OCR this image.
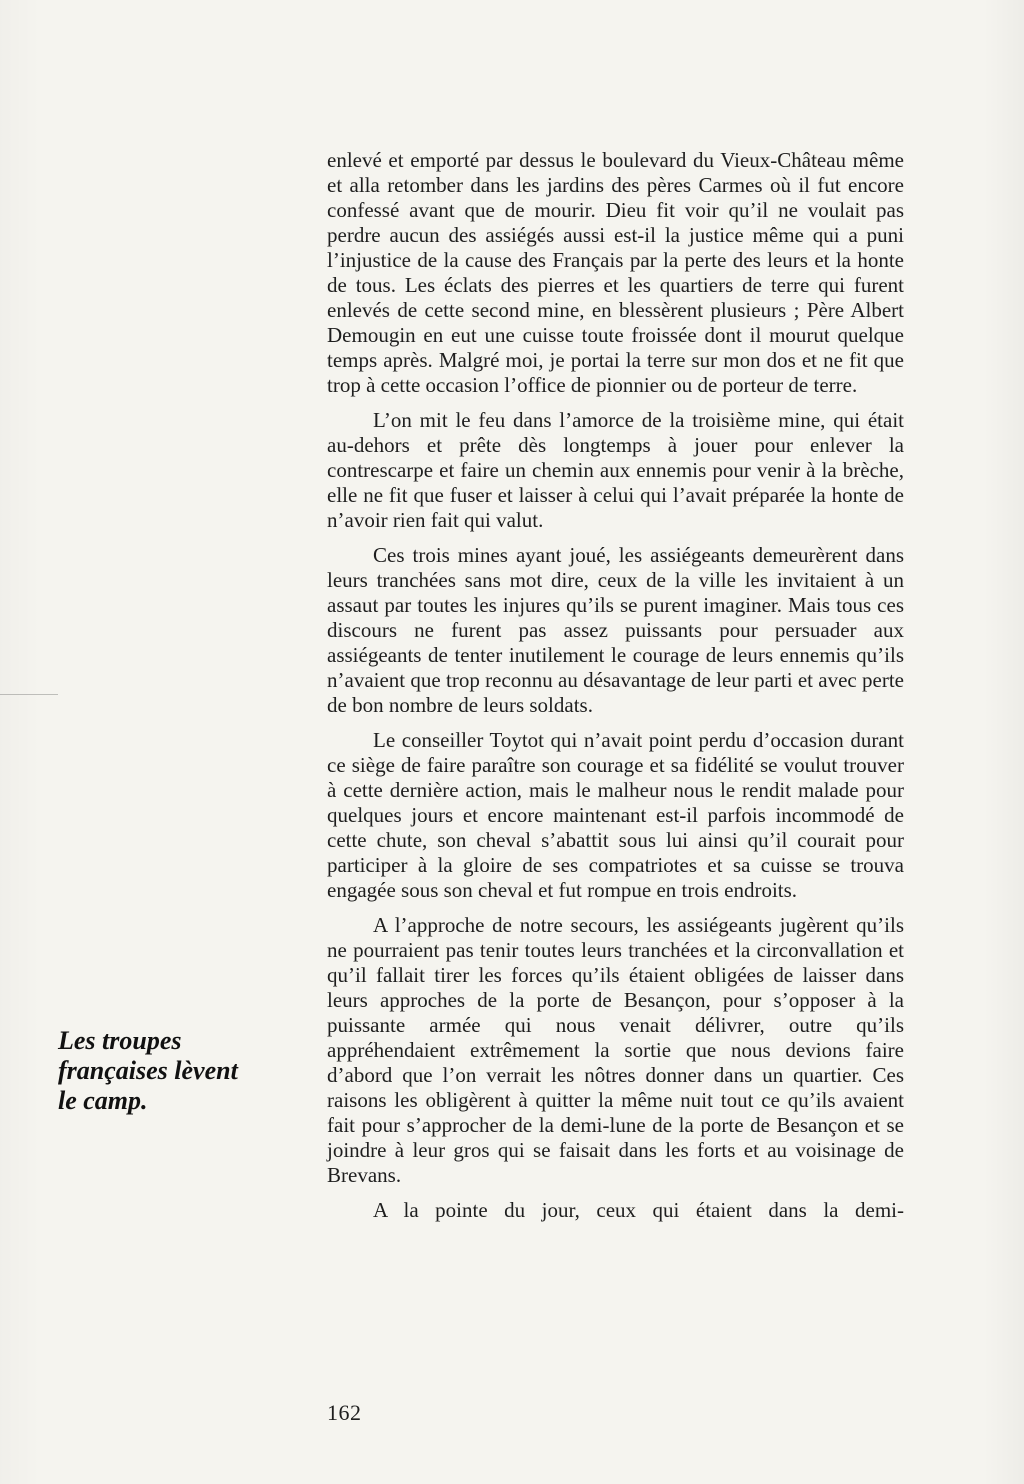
Les troupes
françaises lèvent
le camp.

enlevé et emporté par dessus le boulevard du Vieux-Château même et alla retomber dans les jardins des pères Carmes où il fut encore confessé avant que de mourir. Dieu fit voir qu’il ne voulait pas perdre aucun des assiégés aussi est-il la justice même qui a puni l’injustice de la cause des Français par la perte des leurs et la honte de tous. Les éclats des pierres et les quartiers de terre qui furent enlevés de cette second mine, en blessèrent plusieurs ; Père Albert Demougin en eut une cuisse toute froissée dont il mourut quelque temps après. Malgré moi, je portai la terre sur mon dos et ne fit que trop à cette occasion l’office de pionnier ou de porteur de terre.

L’on mit le feu dans l’amorce de la troisième mine, qui était au-dehors et prête dès longtemps à jouer pour enlever la contrescarpe et faire un chemin aux ennemis pour venir à la brèche, elle ne fit que fuser et laisser à celui qui l’avait préparée la honte de n’avoir rien fait qui valut.

Ces trois mines ayant joué, les assiégeants demeurèrent dans leurs tranchées sans mot dire, ceux de la ville les invitaient à un assaut par toutes les injures qu’ils se purent imaginer. Mais tous ces discours ne furent pas assez puissants pour persuader aux assiégeants de tenter inutilement le courage de leurs ennemis qu’ils n’avaient que trop reconnu au désavantage de leur parti et avec perte de bon nombre de leurs soldats.

Le conseiller Toytot qui n’avait point perdu d’occasion durant ce siège de faire paraître son courage et sa fidélité se voulut trouver à cette dernière action, mais le malheur nous le rendit malade pour quelques jours et encore maintenant est-il parfois incommodé de cette chute, son cheval s’abattit sous lui ainsi qu’il courait pour participer à la gloire de ses compatriotes et sa cuisse se trouva engagée sous son cheval et fut rompue en trois endroits.

A l’approche de notre secours, les assiégeants jugèrent qu’ils ne pourraient pas tenir toutes leurs tranchées et la circonvallation et qu’il fallait tirer les forces qu’ils étaient obligées de laisser dans leurs approches de la porte de Besançon, pour s’opposer à la puissante armée qui nous venait délivrer, outre qu’ils appréhendaient extrêmement la sortie que nous devions faire d’abord que l’on verrait les nôtres donner dans un quartier. Ces raisons les obligèrent à quitter la même nuit tout ce qu’ils avaient fait pour s’approcher de la demi-lune de la porte de Besançon et se joindre à leur gros qui se faisait dans les forts et au voisinage de Brevans.

A la pointe du jour, ceux qui étaient dans la demi-

162
